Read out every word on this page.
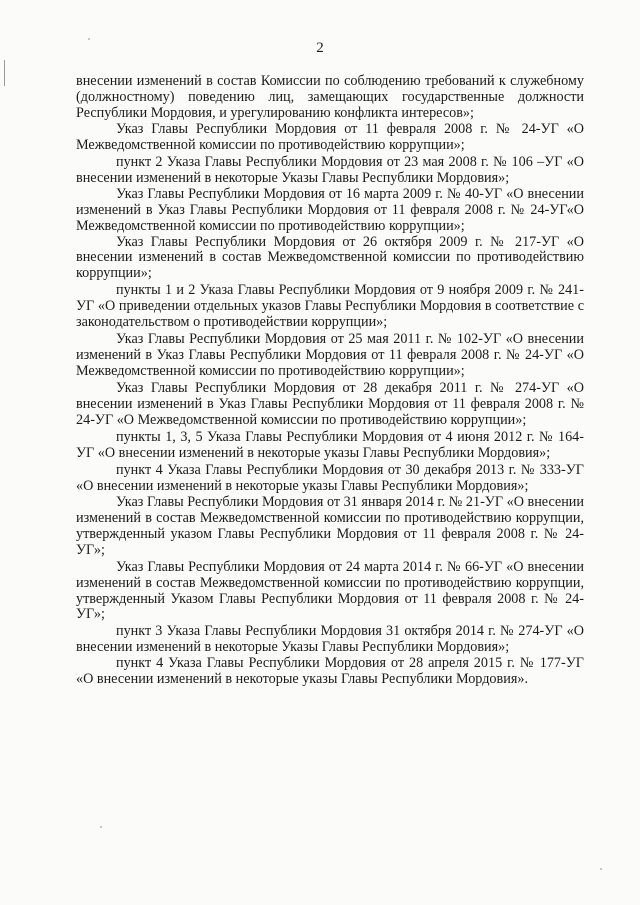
2

внесении изменений в состав Комиссии по соблюдению требований к служебному (должностному) поведению лиц, замещающих государственные должности Республики Мордовия, и урегулированию конфликта интересов»;

Указ Главы Республики Мордовия от 11 февраля 2008 г. № 24-УГ «О Межведомственной комиссии по противодействию коррупции»;

пункт 2 Указа Главы Республики Мордовия от 23 мая 2008 г. № 106 –УГ «О внесении изменений в некоторые Указы Главы Республики Мордовия»;

Указ Главы Республики Мордовия от 16 марта 2009 г. № 40-УГ «О внесении изменений в Указ Главы Республики Мордовия от 11 февраля 2008 г. № 24-УГ«О Межведомственной комиссии по противодействию коррупции»;

Указ Главы Республики Мордовия от 26 октября 2009 г. № 217-УГ «О внесении изменений в состав Межведомственной комиссии по противодействию коррупции»;

пункты 1 и 2 Указа Главы Республики Мордовия от 9 ноября 2009 г. № 241-УГ «О приведении отдельных указов Главы Республики Мордовия в соответствие с законодательством о противодействии коррупции»;

Указ Главы Республики Мордовия от 25 мая 2011 г. № 102-УГ «О внесении изменений в Указ Главы Республики Мордовия от 11 февраля 2008 г. № 24-УГ «О Межведомственной комиссии по противодействию коррупции»;

Указ Главы Республики Мордовия от 28 декабря 2011 г. № 274-УГ «О внесении изменений в Указ Главы Республики Мордовия от 11 февраля 2008 г. № 24-УГ «О Межведомственной комиссии по противодействию коррупции»;

пункты 1, 3, 5 Указа Главы Республики Мордовия от 4 июня 2012 г. № 164-УГ «О внесении изменений в некоторые указы Главы Республики Мордовия»;

пункт 4 Указа Главы Республики Мордовия от 30 декабря 2013 г. № 333-УГ «О внесении изменений в некоторые указы Главы Республики Мордовия»;

Указ Главы Республики Мордовия от 31 января 2014 г. № 21-УГ «О внесении изменений в состав Межведомственной комиссии по противодействию коррупции, утвержденный указом Главы Республики Мордовия от 11 февраля 2008 г. № 24-УГ»;

Указ Главы Республики Мордовия от 24 марта 2014 г. № 66-УГ «О внесении изменений в состав Межведомственной комиссии по противодействию коррупции, утвержденный Указом Главы Республики Мордовия от 11 февраля 2008 г. № 24-УГ»;

пункт 3 Указа Главы Республики Мордовия 31 октября 2014 г. № 274-УГ «О внесении изменений в некоторые Указы Главы Республики Мордовия»;

пункт 4 Указа Главы Республики Мордовия от 28 апреля 2015 г. № 177-УГ «О внесении изменений в некоторые указы Главы Республики Мордовия».
